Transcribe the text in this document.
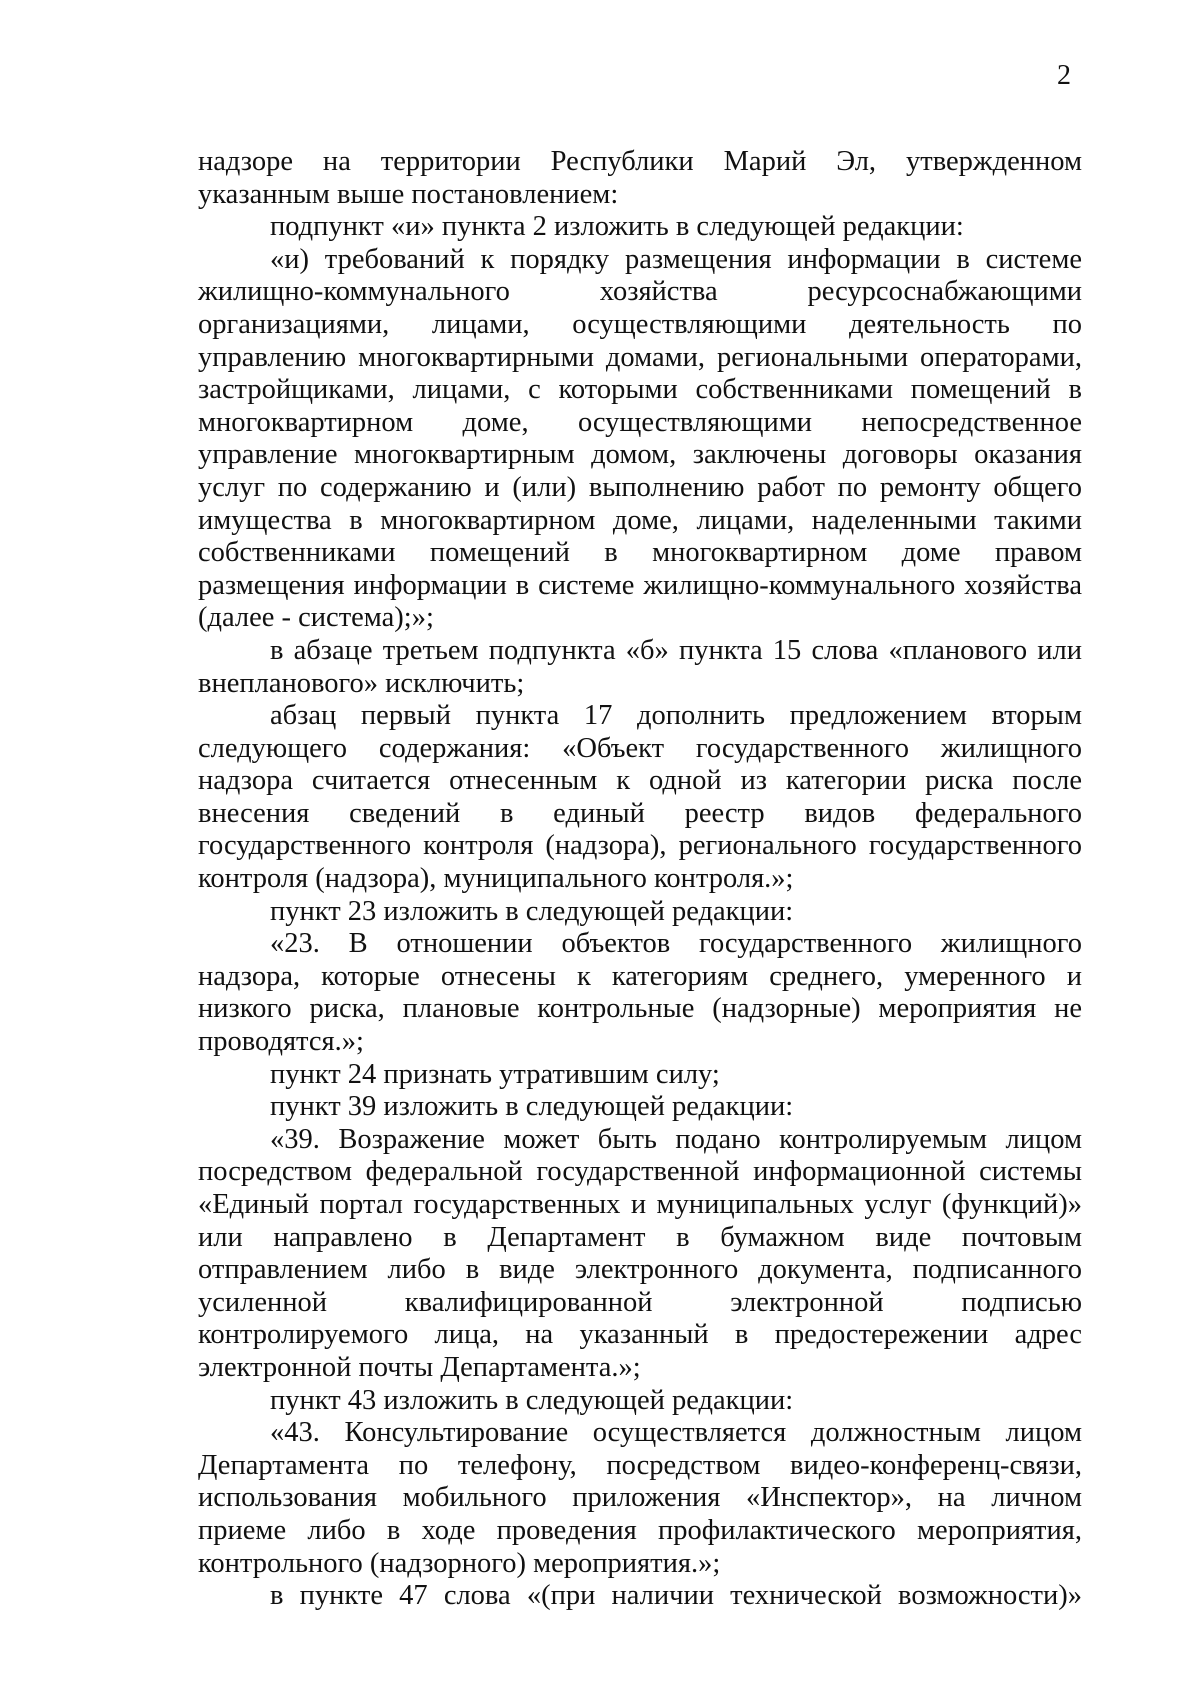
2

надзоре на территории Республики Марий Эл, утвержденном указанным выше постановлением:

подпункт «и» пункта 2 изложить в следующей редакции:

«и) требований к порядку размещения информации в системе жилищно-коммунального хозяйства ресурсоснабжающими организациями, лицами, осуществляющими деятельность по управлению многоквартирными домами, региональными операторами, застройщиками, лицами, с которыми собственниками помещений в многоквартирном доме, осуществляющими непосредственное управление многоквартирным домом, заключены договоры оказания услуг по содержанию и (или) выполнению работ по ремонту общего имущества в многоквартирном доме, лицами, наделенными такими собственниками помещений в многоквартирном доме правом размещения информации в системе жилищно-коммунального хозяйства (далее - система);»;

в абзаце третьем подпункта «б» пункта 15 слова «планового или внепланового» исключить;

абзац первый пункта 17 дополнить предложением вторым следующего содержания: «Объект государственного жилищного надзора считается отнесенным к одной из категории риска после внесения сведений в единый реестр видов федерального государственного контроля (надзора), регионального государственного контроля (надзора), муниципального контроля.»;

пункт 23 изложить в следующей редакции:

«23. В отношении объектов государственного жилищного надзора, которые отнесены к категориям среднего, умеренного и низкого риска, плановые контрольные (надзорные) мероприятия не проводятся.»;

пункт 24 признать утратившим силу;

пункт 39 изложить в следующей редакции:

«39. Возражение может быть подано контролируемым лицом посредством федеральной государственной информационной системы «Единый портал государственных и муниципальных услуг (функций)» или направлено в Департамент в бумажном виде почтовым отправлением либо в виде электронного документа, подписанного усиленной квалифицированной электронной подписью контролируемого лица, на указанный в предостережении адрес электронной почты Департамента.»;

пункт 43 изложить в следующей редакции:

«43. Консультирование осуществляется должностным лицом Департамента по телефону, посредством видео-конференц-связи, использования мобильного приложения «Инспектор», на личном приеме либо в ходе проведения профилактического мероприятия, контрольного (надзорного) мероприятия.»;

в пункте 47 слова «(при наличии технической возможности)»
